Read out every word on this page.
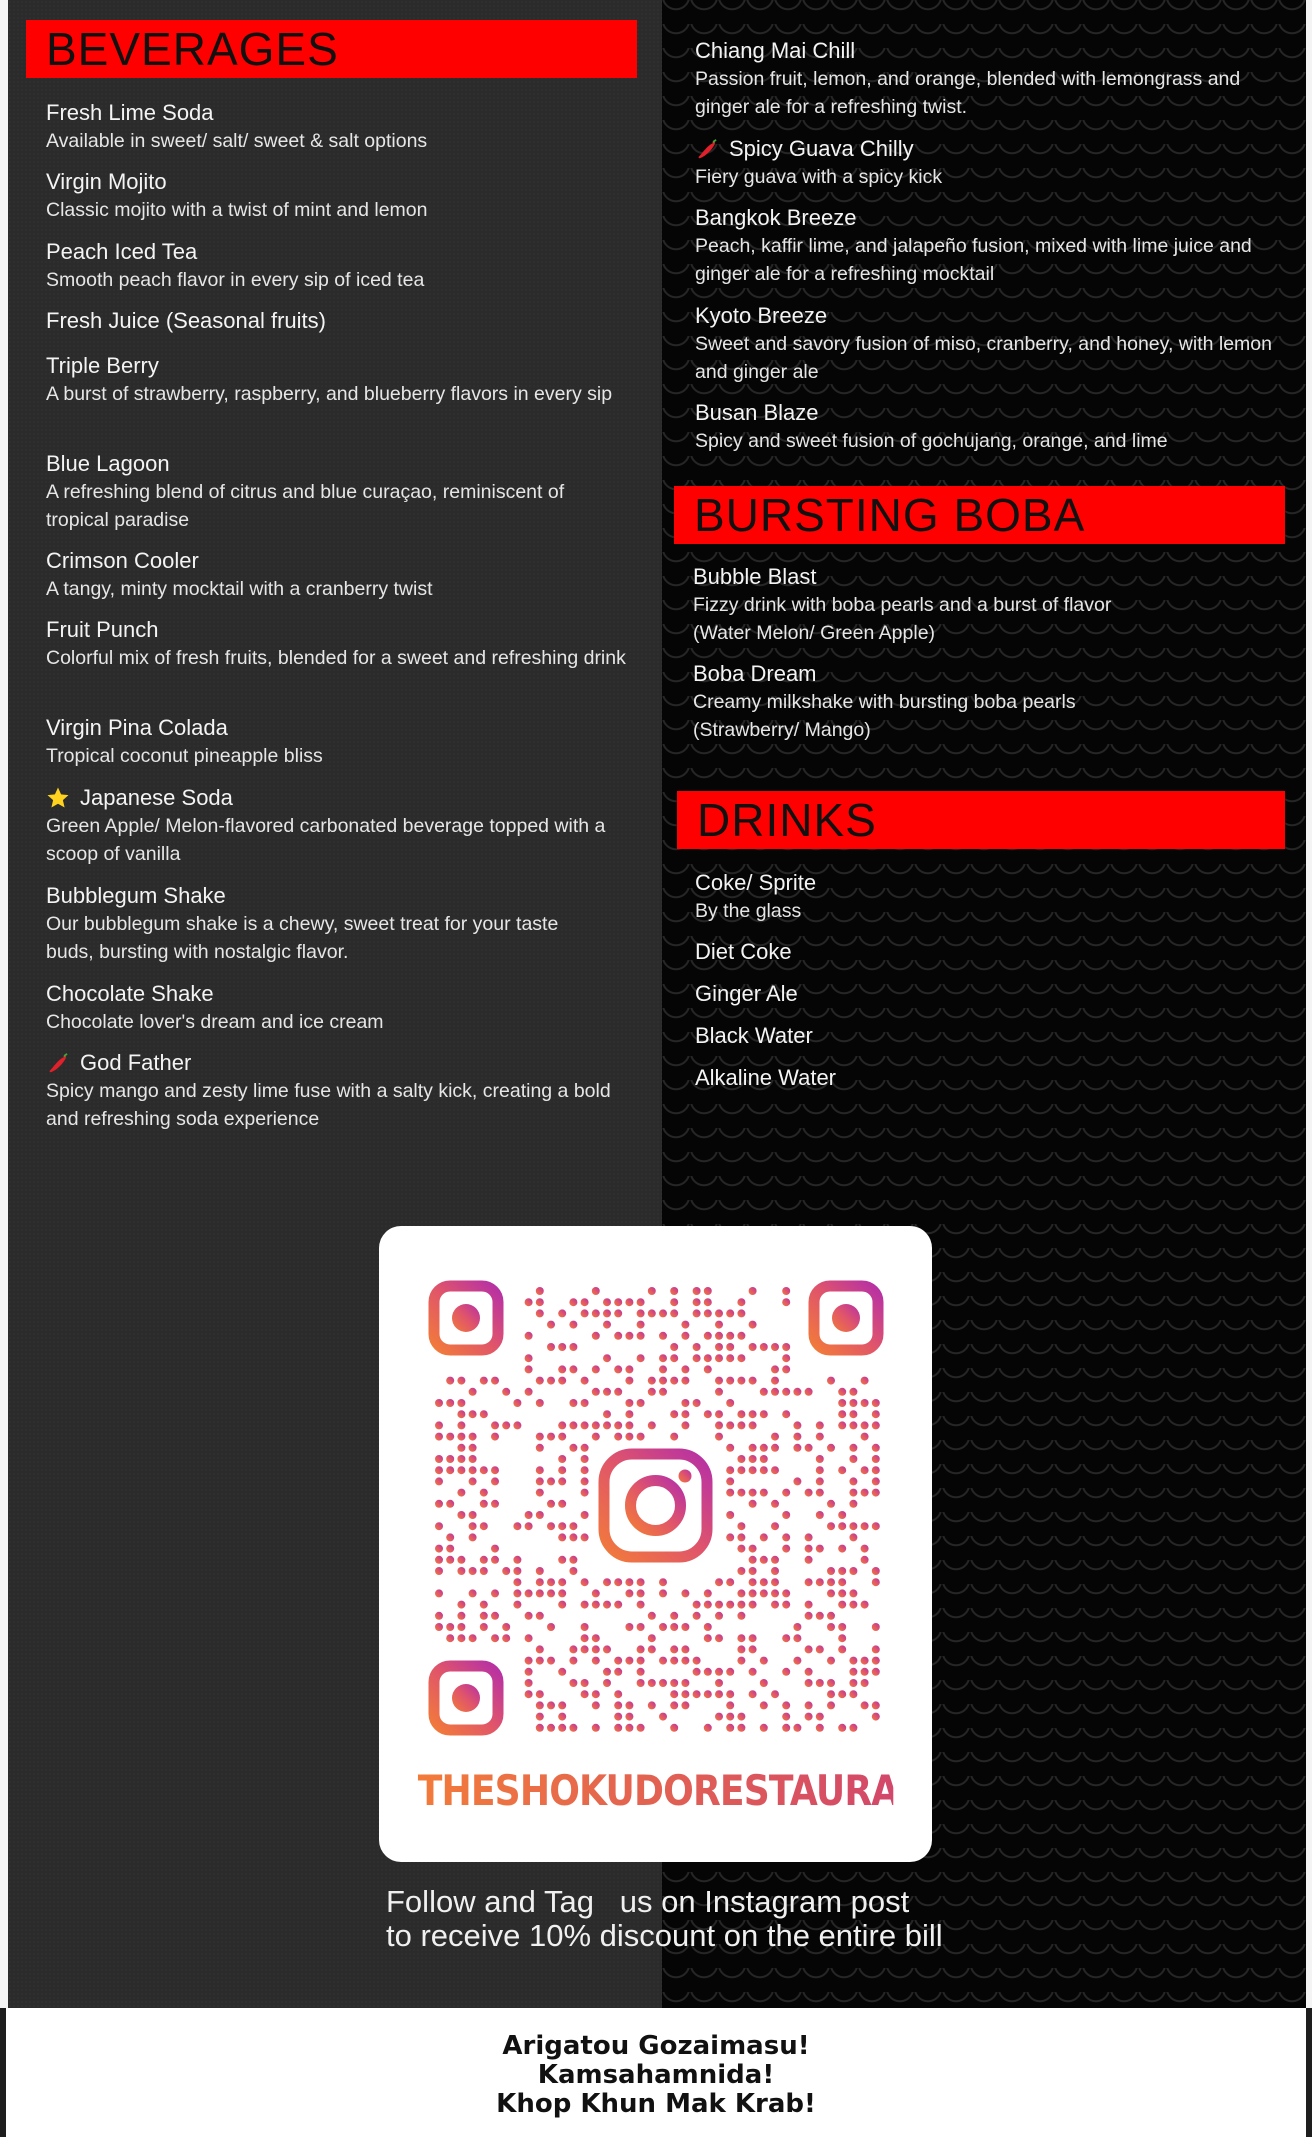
BEVERAGES
Fresh Lime Soda
Available in sweet/ salt/ sweet & salt options
Virgin Mojito
Classic mojito with a twist of mint and lemon
Peach Iced Tea
Smooth peach flavor in every sip of iced tea
Fresh Juice (Seasonal fruits)
Triple Berry
A burst of strawberry, raspberry, and blueberry flavors in every sip
Blue Lagoon
A refreshing blend of citrus and blue curaçao, reminiscent of tropical paradise
Crimson Cooler
A tangy, minty mocktail with a cranberry twist
Fruit Punch
Colorful mix of fresh fruits, blended for a sweet and refreshing drink
Virgin Pina Colada
Tropical coconut pineapple bliss
Japanese Soda
Green Apple/ Melon-flavored carbonated beverage topped with a scoop of vanilla
Bubblegum Shake
Our bubblegum shake is a chewy, sweet treat for your taste buds, bursting with nostalgic flavor.
Chocolate Shake
Chocolate lover's dream and ice cream
God Father
Spicy mango and zesty lime fuse with a salty kick, creating a bold and refreshing soda experience
Chiang Mai Chill
Passion fruit, lemon, and orange, blended with lemongrass and ginger ale for a refreshing twist.
Spicy Guava Chilly
Fiery guava with a spicy kick
Bangkok Breeze
Peach, kaffir lime, and jalapeño fusion, mixed with lime juice and ginger ale for a refreshing mocktail
Kyoto Breeze
Sweet and savory fusion of miso, cranberry, and honey, with lemon and ginger ale
Busan Blaze
Spicy and sweet fusion of gochujang, orange, and lime
BURSTING BOBA
Bubble Blast
Fizzy drink with boba pearls and a burst of flavor (Water Melon/ Green Apple)
Boba Dream
Creamy milkshake with bursting boba pearls (Strawberry/ Mango)
DRINKS
Coke/ Sprite
By the glass
Diet Coke
Ginger Ale
Black Water
Alkaline Water
THESHOKUDORESTAURANT
Follow and Tag   us on Instagram post
to receive 10% discount on the entire bill
Arigatou Gozaimasu!
Kamsahamnida!
Khop Khun Mak Krab!
